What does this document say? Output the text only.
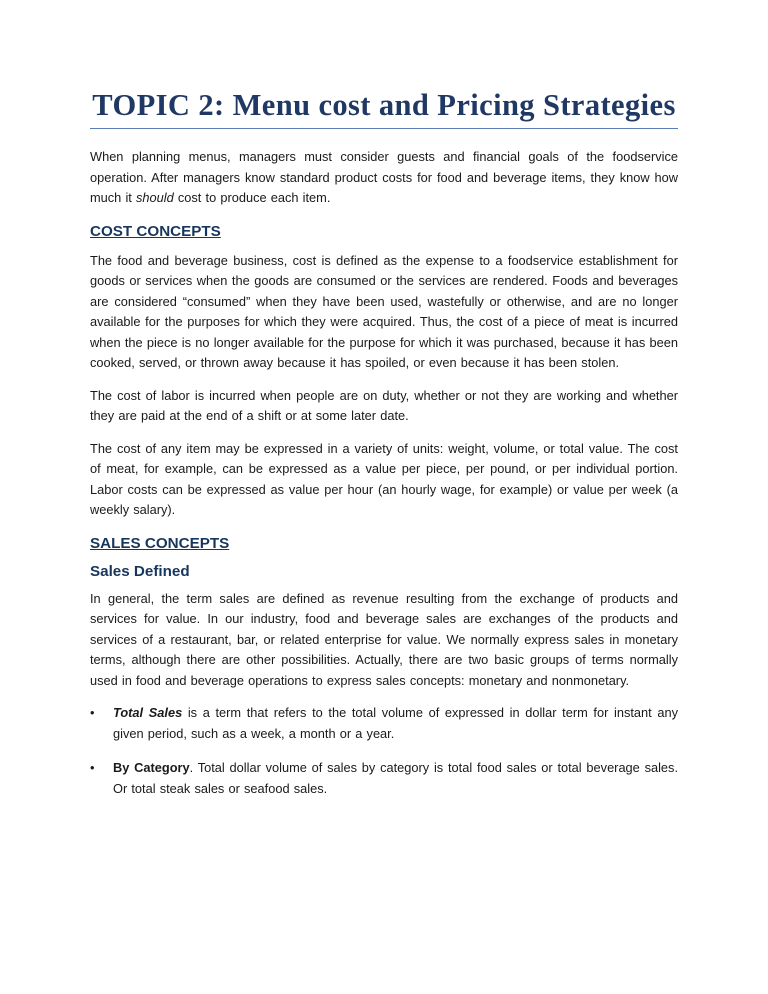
TOPIC 2: Menu cost and Pricing Strategies

When planning menus, managers must consider guests and financial goals of the foodservice operation. After managers know standard product costs for food and beverage items, they know how much it should cost to produce each item.

COST CONCEPTS

The food and beverage business, cost is defined as the expense to a foodservice establishment for goods or services when the goods are consumed or the services are rendered. Foods and beverages are considered “consumed” when they have been used, wastefully or otherwise, and are no longer available for the purposes for which they were acquired. Thus, the cost of a piece of meat is incurred when the piece is no longer available for the purpose for which it was purchased, because it has been cooked, served, or thrown away because it has spoiled, or even because it has been stolen.

The cost of labor is incurred when people are on duty, whether or not they are working and whether they are paid at the end of a shift or at some later date.

The cost of any item may be expressed in a variety of units: weight, volume, or total value. The cost of meat, for example, can be expressed as a value per piece, per pound, or per individual portion. Labor costs can be expressed as value per hour (an hourly wage, for example) or value per week (a weekly salary).

SALES CONCEPTS
Sales Defined

In general, the term sales are defined as revenue resulting from the exchange of products and services for value. In our industry, food and beverage sales are exchanges of the products and services of a restaurant, bar, or related enterprise for value. We normally express sales in monetary terms, although there are other possibilities. Actually, there are two basic groups of terms normally used in food and beverage operations to express sales concepts: monetary and nonmonetary.

• Total Sales is a term that refers to the total volume of expressed in dollar term for instant any given period, such as a week, a month or a year.
• By Category. Total dollar volume of sales by category is total food sales or total beverage sales. Or total steak sales or seafood sales.
